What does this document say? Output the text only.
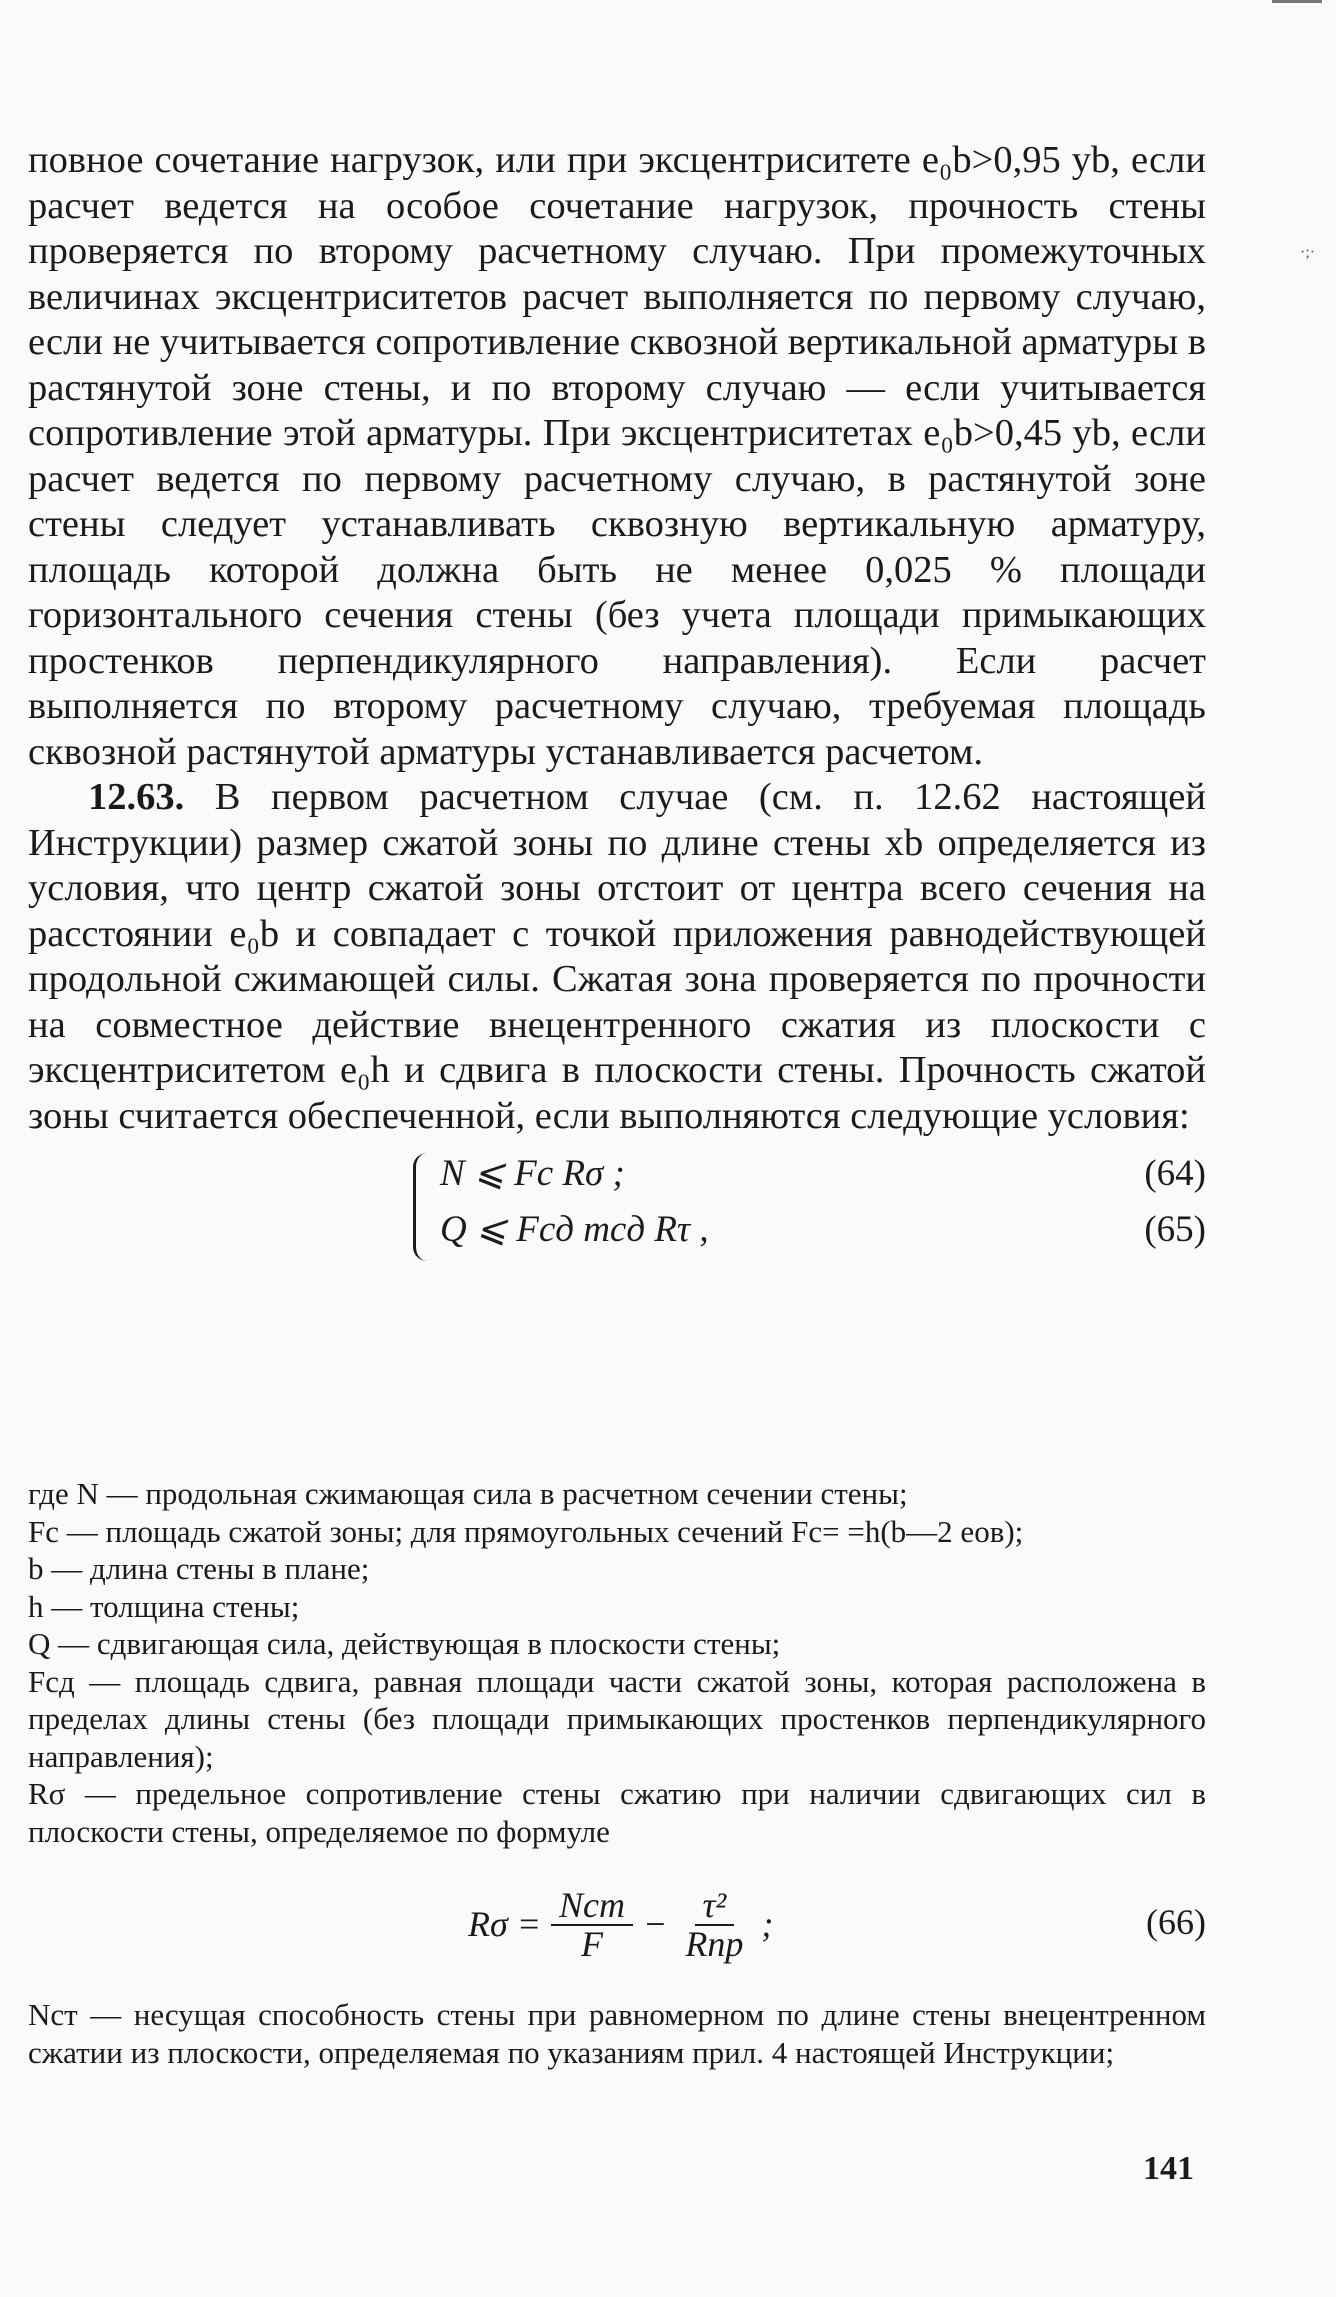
·;·

повное сочетание нагрузок, или при эксцентриситете e₀b>0,95 yb, если расчет ведется на особое сочетание нагрузок, прочность стены проверяется по второму расчетному случаю. При промежуточных величинах эксцентриситетов расчет выполняется по первому случаю, если не учитывается сопротивление сквозной вертикальной арматуры в растянутой зоне стены, и по второму случаю — если учитывается сопротивление этой арматуры. При эксцентриситетах e₀b>0,45 yb, если расчет ведется по первому расчетному случаю, в растянутой зоне стены следует устанавливать сквозную вертикальную арматуру, площадь которой должна быть не менее 0,025 % площади горизонтального сечения стены (без учета площади примыкающих простенков перпендикулярного направления). Если расчет выполняется по второму расчетному случаю, требуемая площадь сквозной растянутой арматуры устанавливается расчетом.

12.63. В первом расчетном случае (см. п. 12.62 настоящей Инструкции) размер сжатой зоны по длине стены xb определяется из условия, что центр сжатой зоны отстоит от центра всего сечения на расстоянии e₀b и совпадает с точкой приложения равнодействующей продольной сжимающей силы. Сжатая зона проверяется по прочности на совместное действие внецентренного сжатия из плоскости с эксцентриситетом e₀h и сдвига в плоскости стены. Прочность сжатой зоны считается обеспеченной, если выполняются следующие условия:

N ⩽ Fc Rσ ;	(64)
Q ⩽ Fсд mсд Rτ ,	(65)

где N — продольная сжимающая сила в расчетном сечении стены;

Fc — площадь сжатой зоны; для прямоугольных сечений Fc= =h(b—2 eов);

b — длина стены в плане;

h — толщина стены;

Q — сдвигающая сила, действующая в плоскости стены;

Fсд — площадь сдвига, равная площади части сжатой зоны, которая расположена в пределах длины стены (без площади примыкающих простенков перпендикулярного направления);

Rσ — предельное сопротивление стены сжатию при наличии сдвигающих сил в плоскости стены, определяемое по формуле

$R\sigma = \frac{\text{Nст}}{F} - \frac{\text{τ²}}{\text{Rпр}}$ ;	(66)

Nст — несущая способность стены при равномерном по длине стены внецентренном сжатии из плоскости, определяемая по указаниям прил. 4 настоящей Инструкции;

141
